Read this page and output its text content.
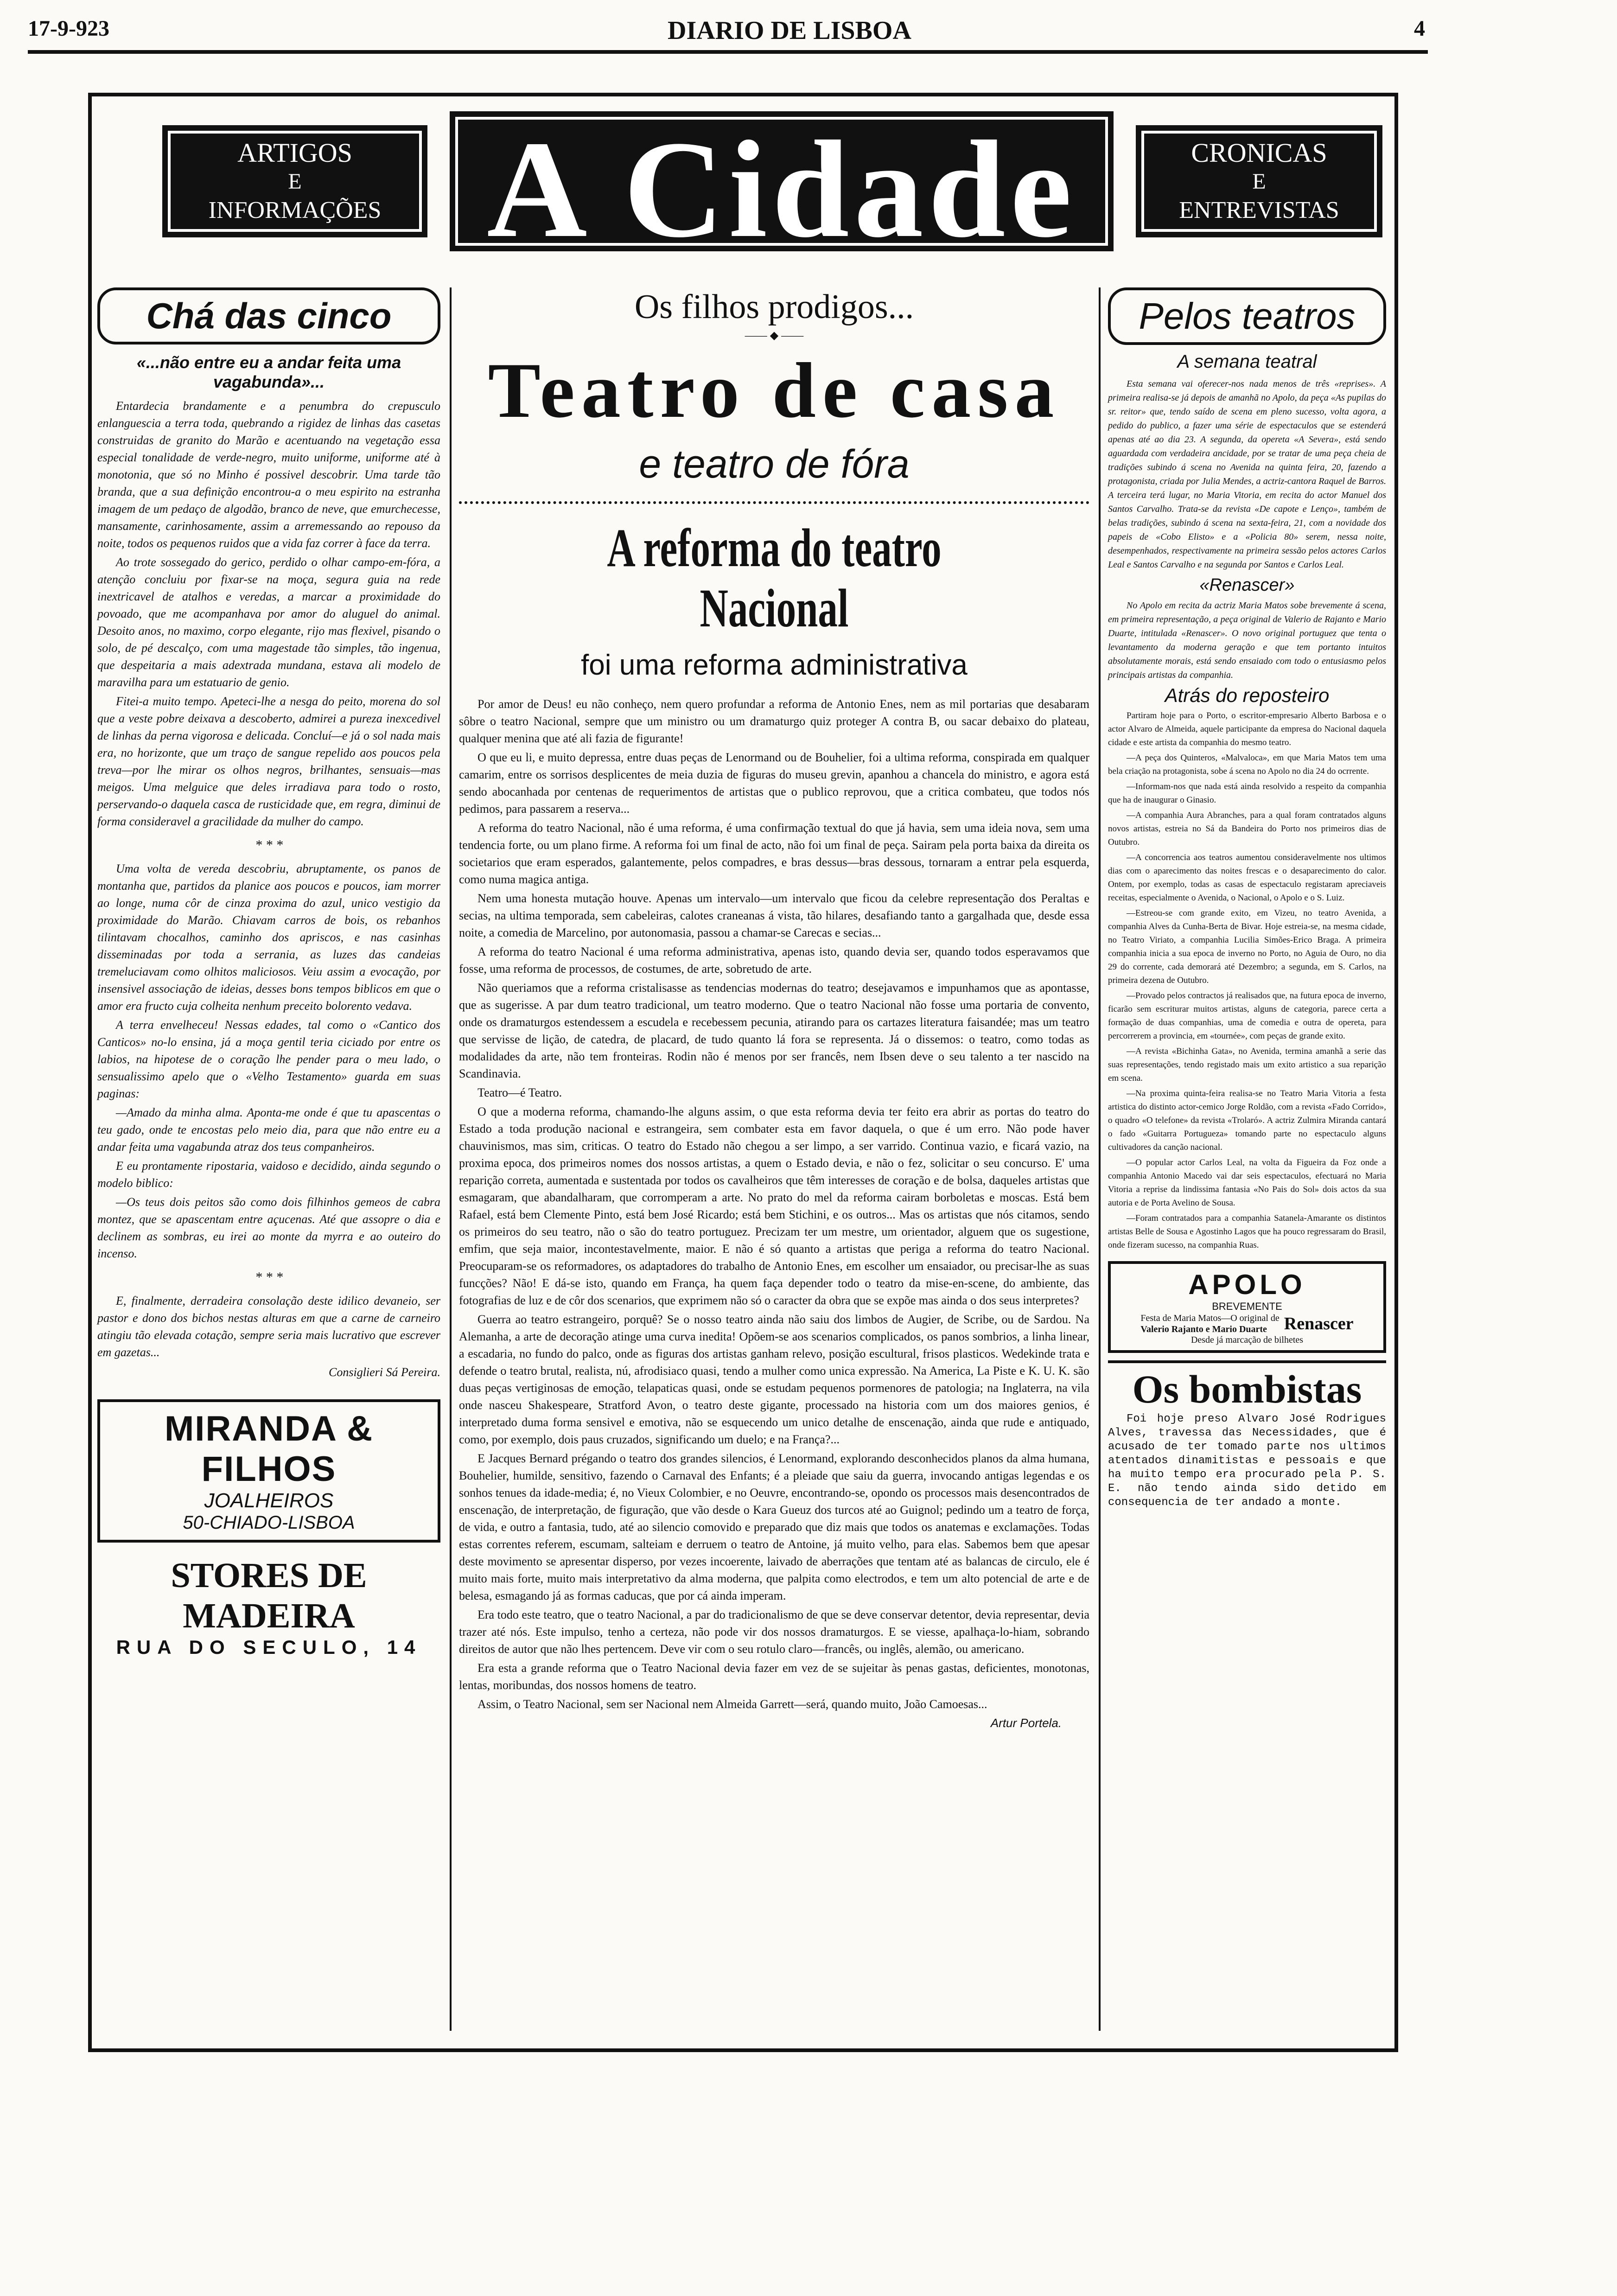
17-9-923	DIARIO DE LISBOA	4
ARTIGOS
E
INFORMAÇÕES A Cidade	CRONICAS
E
ENTREVISTAS
Chá das cinco
«...não entre eu a andar feita uma vagabunda»...

Entardecia brandamente e a penumbra do crepusculo enlanguescia a terra toda, quebrando a rigidez de linhas das casetas construidas de granito do Marão e acentuando na vegetação essa especial tonalidade de verde-negro, muito uniforme, uniforme até à monotonia, que só no Minho é possivel descobrir. Uma tarde tão branda, que a sua definição encontrou-a o meu espirito na estranha imagem de um pedaço de algodão, branco de neve, que emurchecesse, mansamente, carinhosamente, assim a arremessando ao repouso da noite, todos os pequenos ruidos que a vida faz correr à face da terra.

Ao trote sossegado do gerico, perdido o olhar campo-em-fóra, a atenção concluiu por fixar-se na moça, segura guia na rede inextricavel de atalhos e veredas, a marcar a proximidade do povoado, que me acompanhava por amor do aluguel do animal. Desoito anos, no maximo, corpo elegante, rijo mas flexivel, pisando o solo, de pé descalço, com uma magestade tão simples, tão ingenua, que despeitaria a mais adextrada mundana, estava ali modelo de maravilha para um estatuario de genio.

Fitei-a muito tempo. Apeteci-lhe a nesga do peito, morena do sol que a veste pobre deixava a descoberto, admirei a pureza inexcedivel de linhas da perna vigorosa e delicada. Concluí—e já o sol nada mais era, no horizonte, que um traço de sangue repelido aos poucos pela treva—por lhe mirar os olhos negros, brilhantes, sensuais—mas meigos. Uma melguice que deles irradiava para todo o rosto, perservando-o daquela casca de rusticidade que, em regra, diminui de forma consideravel a gracilidade da mulher do campo.

* * *

Uma volta de vereda descobriu, abruptamente, os panos de montanha que, partidos da planice aos poucos e poucos, iam morrer ao longe, numa côr de cinza proxima do azul, unico vestigio da proximidade do Marão. Chiavam carros de bois, os rebanhos tilintavam chocalhos, caminho dos apriscos, e nas casinhas disseminadas por toda a serrania, as luzes das candeias tremeluciavam como olhitos maliciosos. Veiu assim a evocação, por insensivel associação de ideias, desses bons tempos biblicos em que o amor era fructo cuja colheita nenhum preceito bolorento vedava.

A terra envelheceu! Nessas edades, tal como o «Cantico dos Canticos» no-lo ensina, já a moça gentil teria ciciado por entre os labios, na hipotese de o coração lhe pender para o meu lado, o sensualissimo apelo que o «Velho Testamento» guarda em suas paginas:

—Amado da minha alma. Aponta-me onde é que tu apascentas o teu gado, onde te encostas pelo meio dia, para que não entre eu a andar feita uma vagabunda atraz dos teus companheiros.

E eu prontamente ripostaria, vaidoso e decidido, ainda segundo o modelo biblico:

—Os teus dois peitos são como dois filhinhos gemeos de cabra montez, que se apascentam entre açucenas. Até que assopre o dia e declinem as sombras, eu irei ao monte da myrra e ao outeiro do incenso.

* * *

E, finalmente, derradeira consolação deste idilico devaneio, ser pastor e dono dos bichos nestas alturas em que a carne de carneiro atingiu tão elevada cotação, sempre seria mais lucrativo que escrever em gazetas...

Consiglieri Sá Pereira.
MIRANDA & FILHOS
JOALHEIROS
50-CHIADO-LISBOA
STORES DE MADEIRA
RUA DO SECULO, 14
Os filhos prodigos...
—— ◆ ——
Teatro de casa
e teatro de fóra
A reforma do teatro Nacional
foi uma reforma administrativa

Por amor de Deus! eu não conheço, nem quero profundar a reforma de Antonio Enes, nem as mil portarias que desabaram sôbre o teatro Nacional, sempre que um ministro ou um dramaturgo quiz proteger A contra B, ou sacar debaixo do plateau, qualquer menina que até ali fazia de figurante!

O que eu li, e muito depressa, entre duas peças de Lenormand ou de Bouhelier, foi a ultima reforma, conspirada em qualquer camarim, entre os sorrisos desplicentes de meia duzia de figuras do museu grevin, apanhou a chancela do ministro, e agora está sendo abocanhada por centenas de requerimentos de artistas que o publico reprovou, que a critica combateu, que todos nós pedimos, para passarem a reserva...

A reforma do teatro Nacional, não é uma reforma, é uma confirmação textual do que já havia, sem uma ideia nova, sem uma tendencia forte, ou um plano firme. A reforma foi um final de acto, não foi um final de peça. Sairam pela porta baixa da direita os societarios que eram esperados, galantemente, pelos compadres, e bras dessus—bras dessous, tornaram a entrar pela esquerda, como numa magica antiga.

Nem uma honesta mutação houve. Apenas um intervalo—um intervalo que ficou da celebre representação dos Peraltas e secias, na ultima temporada, sem cabeleiras, calotes craneanas á vista, tão hilares, desafiando tanto a gargalhada que, desde essa noite, a comedia de Marcelino, por autonomasia, passou a chamar-se Carecas e secias...

A reforma do teatro Nacional é uma reforma administrativa, apenas isto, quando devia ser, quando todos esperavamos que fosse, uma reforma de processos, de costumes, de arte, sobretudo de arte.

Não queriamos que a reforma cristalisasse as tendencias modernas do teatro; desejavamos e impunhamos que as apontasse, que as sugerisse. A par dum teatro tradicional, um teatro moderno. Que o teatro Nacional não fosse uma portaria de convento, onde os dramaturgos estendessem a escudela e recebessem pecunia, atirando para os cartazes literatura faisandée; mas um teatro que servisse de lição, de catedra, de placard, de tudo quanto lá fora se representa. Já o dissemos: o teatro, como todas as modalidades da arte, não tem fronteiras. Rodin não é menos por ser francês, nem Ibsen deve o seu talento a ter nascido na Scandinavia.

Teatro—é Teatro.

O que a moderna reforma, chamando-lhe alguns assim, o que esta reforma devia ter feito era abrir as portas do teatro do Estado a toda produção nacional e estrangeira, sem combater esta em favor daquela, o que é um erro. Não pode haver chauvinismos, mas sim, criticas. O teatro do Estado não chegou a ser limpo, a ser varrido. Continua vazio, e ficará vazio, na proxima epoca, dos primeiros nomes dos nossos artistas, a quem o Estado devia, e não o fez, solicitar o seu concurso. E' uma reparição correta, aumentada e sustentada por todos os cavalheiros que têm interesses de coração e de bolsa, daqueles artistas que esmagaram, que abandalharam, que corromperam a arte. No prato do mel da reforma cairam borboletas e moscas. Está bem Rafael, está bem Clemente Pinto, está bem José Ricardo; está bem Stichini, e os outros... Mas os artistas que nós citamos, sendo os primeiros do seu teatro, não o são do teatro portuguez. Precizam ter um mestre, um orientador, alguem que os sugestione, emfim, que seja maior, incontestavelmente, maior. E não é só quanto a artistas que periga a reforma do teatro Nacional. Preocuparam-se os reformadores, os adaptadores do trabalho de Antonio Enes, em escolher um ensaiador, ou precisar-lhe as suas funcções? Não! E dá-se isto, quando em França, ha quem faça depender todo o teatro da mise-en-scene, do ambiente, das fotografias de luz e de côr dos scenarios, que exprimem não só o caracter da obra que se expõe mas ainda o dos seus interpretes?

Guerra ao teatro estrangeiro, porquê? Se o nosso teatro ainda não saiu dos limbos de Augier, de Scribe, ou de Sardou. Na Alemanha, a arte de decoração atinge uma curva inedita! Opõem-se aos scenarios complicados, os panos sombrios, a linha linear, a escadaria, no fundo do palco, onde as figuras dos artistas ganham relevo, posição escultural, frisos plasticos. Wedekinde trata e defende o teatro brutal, realista, nú, afrodisiaco quasi, tendo a mulher como unica expressão. Na America, La Piste e K. U. K. são duas peças vertiginosas de emoção, telapaticas quasi, onde se estudam pequenos pormenores de patologia; na Inglaterra, na vila onde nasceu Shakespeare, Stratford Avon, o teatro deste gigante, processado na historia com um dos maiores genios, é interpretado duma forma sensivel e emotiva, não se esquecendo um unico detalhe de enscenação, ainda que rude e antiquado, como, por exemplo, dois paus cruzados, significando um duelo; e na França?...

E Jacques Bernard prégando o teatro dos grandes silencios, é Lenormand, explorando desconhecidos planos da alma humana, Bouhelier, humilde, sensitivo, fazendo o Carnaval des Enfants; é a pleiade que saiu da guerra, invocando antigas legendas e os sonhos tenues da idade-media; é, no Vieux Colombier, e no Oeuvre, encontrando-se, opondo os processos mais desencontrados de enscenação, de interpretação, de figuração, que vão desde o Kara Gueuz dos turcos até ao Guignol; pedindo um a teatro de força, de vida, e outro a fantasia, tudo, até ao silencio comovido e preparado que diz mais que todos os anatemas e exclamações. Todas estas correntes referem, escumam, salteiam e derruem o teatro de Antoine, já muito velho, para elas. Sabemos bem que apesar deste movimento se apresentar disperso, por vezes incoerente, laivado de aberrações que tentam até as balancas de circulo, ele é muito mais forte, muito mais interpretativo da alma moderna, que palpita como electrodos, e tem um alto potencial de arte e de belesa, esmagando já as formas caducas, que por cá ainda imperam.

Era todo este teatro, que o teatro Nacional, a par do tradicionalismo de que se deve conservar detentor, devia representar, devia trazer até nós. Este impulso, tenho a certeza, não pode vir dos nossos dramaturgos. E se viesse, apalhaça-lo-hiam, sobrando direitos de autor que não lhes pertencem. Deve vir com o seu rotulo claro—francês, ou inglês, alemão, ou americano.

Era esta a grande reforma que o Teatro Nacional devia fazer em vez de se sujeitar às penas gastas, deficientes, monotonas, lentas, moribundas, dos nossos homens de teatro.

Assim, o Teatro Nacional, sem ser Nacional nem Almeida Garrett—será, quando muito, João Camoesas...

Artur Portela.
Pelos teatros
A semana teatral

Esta semana vai oferecer-nos nada menos de três «reprises». A primeira realisa-se já depois de amanhã no Apolo, da peça «As pupilas do sr. reitor» que, tendo saído de scena em pleno sucesso, volta agora, a pedido do publico, a fazer uma série de espectaculos que se estenderá apenas até ao dia 23. A segunda, da opereta «A Severa», está sendo aguardada com verdadeira ancidade, por se tratar de uma peça cheia de tradições subindo á scena no Avenida na quinta feira, 20, fazendo a protagonista, criada por Julia Mendes, a actriz-cantora Raquel de Barros. A terceira terá lugar, no Maria Vitoria, em recita do actor Manuel dos Santos Carvalho. Trata-se da revista «De capote e Lenço», também de belas tradições, subindo á scena na sexta-feira, 21, com a novidade dos papeis de «Cobo Elisto» e a «Policia 80» serem, nessa noite, desempenhados, respectivamente na primeira sessão pelos actores Carlos Leal e Santos Carvalho e na segunda por Santos e Carlos Leal.

«Renascer»

No Apolo em recita da actriz Maria Matos sobe brevemente á scena, em primeira representação, a peça original de Valerio de Rajanto e Mario Duarte, intitulada «Renascer». O novo original portuguez que tenta o levantamento da moderna geração e que tem portanto intuitos absolutamente morais, está sendo ensaiado com todo o entusiasmo pelos principais artistas da companhia.

Atrás do reposteiro

Partiram hoje para o Porto, o escritor-empresario Alberto Barbosa e o actor Alvaro de Almeida, aquele participante da empresa do Nacional daquela cidade e este artista da companhia do mesmo teatro.

—A peça dos Quinteros, «Malvaloca», em que Maria Matos tem uma bela criação na protagonista, sobe á scena no Apolo no dia 24 do ocrrente.

—Informam-nos que nada está ainda resolvido a respeito da companhia que ha de inaugurar o Ginasio.

—A companhia Aura Abranches, para a qual foram contratados alguns novos artistas, estreia no Sá da Bandeira do Porto nos primeiros dias de Outubro.

—A concorrencia aos teatros aumentou consideravelmente nos ultimos dias com o aparecimento das noites frescas e o desaparecimento do calor. Ontem, por exemplo, todas as casas de espectaculo registaram apreciaveis receitas, especialmente o Avenida, o Nacional, o Apolo e o S. Luiz.

—Estreou-se com grande exito, em Vizeu, no teatro Avenida, a companhia Alves da Cunha-Berta de Bivar. Hoje estreia-se, na mesma cidade, no Teatro Viriato, a companhia Lucilia Simões-Erico Braga. A primeira companhia inicia a sua epoca de inverno no Porto, no Aguia de Ouro, no dia 29 do corrente, cada demorará até Dezembro; a segunda, em S. Carlos, na primeira dezena de Outubro.

—Provado pelos contractos já realisados que, na futura epoca de inverno, ficarão sem escriturar muitos artistas, alguns de categoria, parece certa a formação de duas companhias, uma de comedia e outra de opereta, para percorrerem a provincia, em «tournée», com peças de grande exito.

—A revista «Bichinha Gata», no Avenida, termina amanhã a serie das suas representações, tendo registado mais um exito artistico a sua reparição em scena.

—Na proxima quinta-feira realisa-se no Teatro Maria Vitoria a festa artistica do distinto actor-cemico Jorge Roldão, com a revista «Fado Corrido», o quadro «O telefone» da revista «Trolaró». A actriz Zulmira Miranda cantará o fado «Guitarra Portugueza» tomando parte no espectaculo alguns cultivadores da canção nacional.

—O popular actor Carlos Leal, na volta da Figueira da Foz onde a companhia Antonio Macedo vai dar seis espectaculos, efectuará no Maria Vitoria a reprise da lindissima fantasia «No Pais do Sol» dois actos da sua autoria e de Porta Avelino de Sousa.

—Foram contratados para a companhia Satanela-Amarante os distintos artistas Belle de Sousa e Agostinho Lagos que ha pouco regressaram do Brasil, onde fizeram sucesso, na companhia Ruas.

APOLO
BREVEMENTE
Festa de Maria Matos—O original de
Valerio Rajanto e Mario Duarte Renascer
Desde já marcação de bilhetes
Os bombistas

Foi hoje preso Alvaro José Rodrigues Alves, travessa das Necessidades, que é acusado de ter tomado parte nos ultimos atentados dinamitistas e pessoais e que ha muito tempo era procurado pela P. S. E. não tendo ainda sido detido em consequencia de ter andado a monte.
